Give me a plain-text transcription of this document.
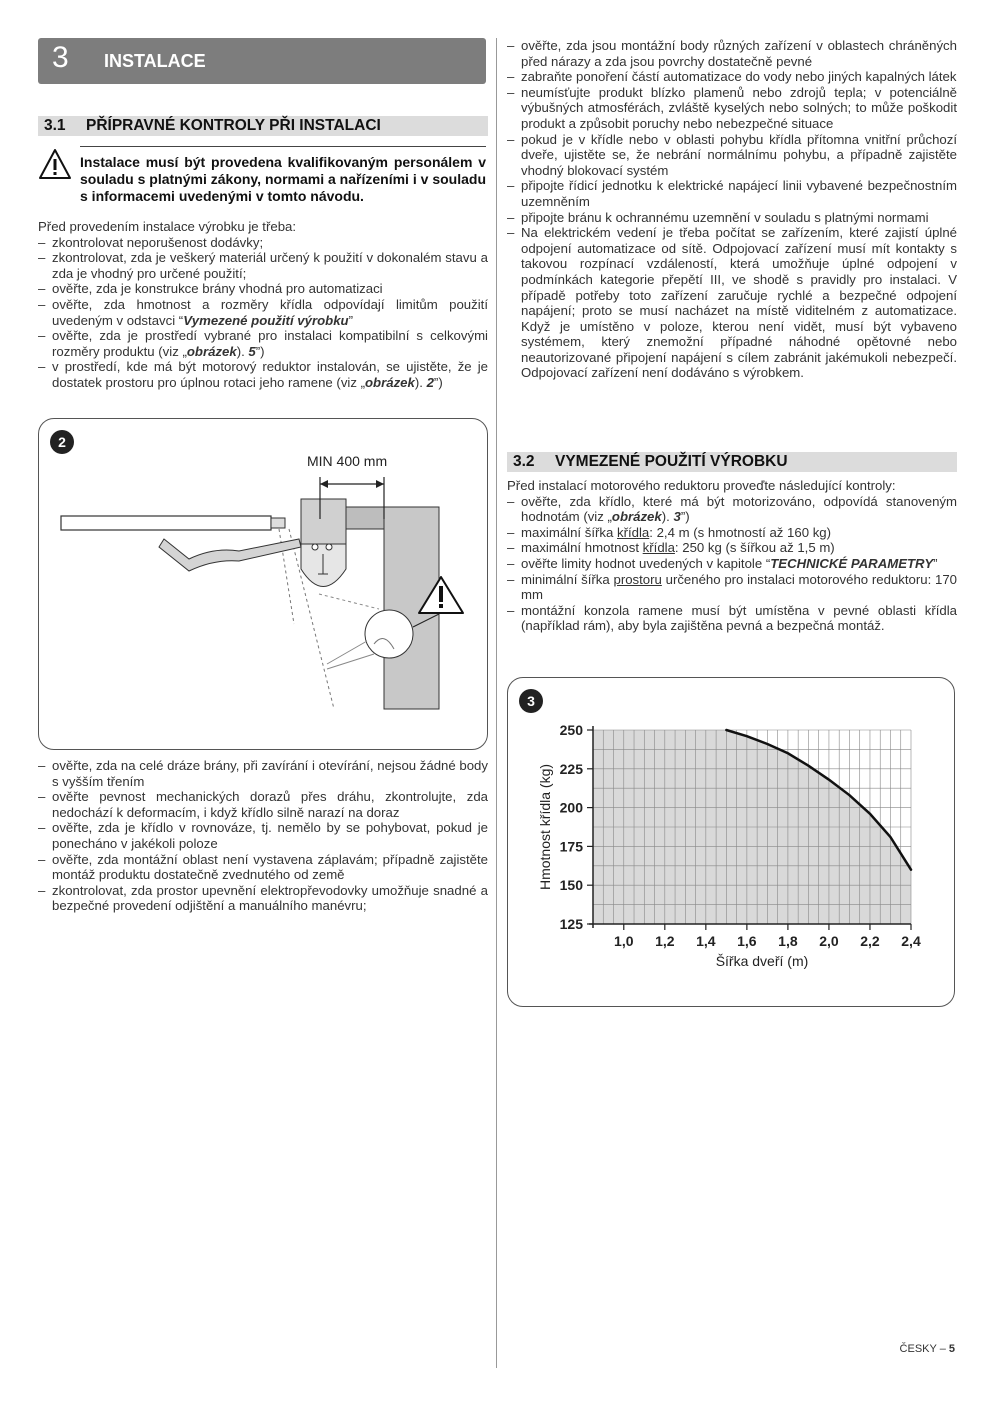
3 INSTALACE
3.1 PŘÍPRAVNÉ KONTROLY PŘI INSTALACI
Instalace musí být provedena kvalifikovaným personálem v souladu s platnými zákony, normami a nařízeními i v souladu s informacemi uvedenými v tomto návodu.

Před provedením instalace výrobku je třeba:

– zkontrolovat neporušenost dodávky;
– zkontrolovat, zda je veškerý materiál určený k použití v dokonalém stavu a zda je vhodný pro určené použití;
– ověřte, zda je konstrukce brány vhodná pro automatizaci
– ověřte, zda hmotnost a rozměry křídla odpovídají limitům použití uvedeným v odstavci “Vymezené použití výrobku”
– ověřte, zda je prostředí vybrané pro instalaci kompatibilní s celkovými rozměry produktu (viz „obrázek). 5”)
– v prostředí, kde má být motorový reduktor instalován, se ujistěte, že je dostatek prostoru pro úplnou rotaci jeho ramene (viz „obrázek). 2”)
2
MIN 400 mm
– ověřte, zda na celé dráze brány, při zavírání i otevírání, nejsou žádné body s vyšším třením
– ověřte pevnost mechanických dorazů přes dráhu, zkontrolujte, zda nedochází k deformacím, i když křídlo silně narazí na doraz
– ověřte, zda je křídlo v rovnováze, tj. nemělo by se pohybovat, pokud je ponecháno v jakékoli poloze
– ověřte, zda montážní oblast není vystavena záplavám; případně zajistěte montáž produktu dostatečně zvednutého od země
– zkontrolovat, zda prostor upevnění elektropřevodovky umožňuje snadné a bezpečné provedení odjištění a manuálního manévru;
– ověřte, zda jsou montážní body různých zařízení v oblastech chráněných před nárazy a zda jsou povrchy dostatečně pevné
– zabraňte ponoření částí automatizace do vody nebo jiných kapalných látek
– neumísťujte produkt blízko plamenů nebo zdrojů tepla; v potenciálně výbušných atmosférách, zvláště kyselých nebo solných; to může poškodit produkt a způsobit poruchy nebo nebezpečné situace
– pokud je v křídle nebo v oblasti pohybu křídla přítomna vnitřní průchozí dveře, ujistěte se, že nebrání normálnímu pohybu, a případně zajistěte vhodný blokovací systém
– připojte řídicí jednotku k elektrické napájecí linii vybavené bezpečnostním uzemněním
– připojte bránu k ochrannému uzemnění v souladu s platnými normami
– Na elektrickém vedení je třeba počítat se zařízením, které zajistí úplné odpojení automatizace od sítě. Odpojovací zařízení musí mít kontakty s takovou rozpínací vzdáleností, která umožňuje úplné odpojení v podmínkách kategorie přepětí III, ve shodě s pravidly pro instalaci. V případě potřeby toto zařízení zaručuje rychlé a bezpečné odpojení napájení; proto se musí nacházet na místě viditelném z automatizace. Když je umístěno v poloze, kterou není vidět, musí být vybaveno systémem, který znemožní případné náhodné opětovné nebo neautorizované připojení napájení s cílem zabránit jakémukoli nebezpečí. Odpojovací zařízení není dodáváno s výrobkem.
3.2 VYMEZENÉ POUŽITÍ VÝROBKU

Před instalací motorového reduktoru proveďte následující kontroly:

– ověřte, zda křídlo, které má být motorizováno, odpovídá stanoveným hodnotám (viz „obrázek). 3”)
– maximální šířka křídla: 2,4 m (s hmotností až 160 kg)
– maximální hmotnost křídla: 250 kg (s šířkou až 1,5 m)
– ověřte limity hodnot uvedených v kapitole “TECHNICKÉ PARAMETRY”
– minimální šířka prostoru určeného pro instalaci motorového reduktoru: 170 mm
– montážní konzola ramene musí být umístěna v pevné oblasti křídla (například rám), aby byla zajištěna pevná a bezpečná montáž.
3
250
225
200
175
150
125
1,0 1,2 1,4 1,6 1,8 2,0 2,2 2,4
Šířka dveří (m)
Hmotnost křídla (kg)
ČESKY – 5
